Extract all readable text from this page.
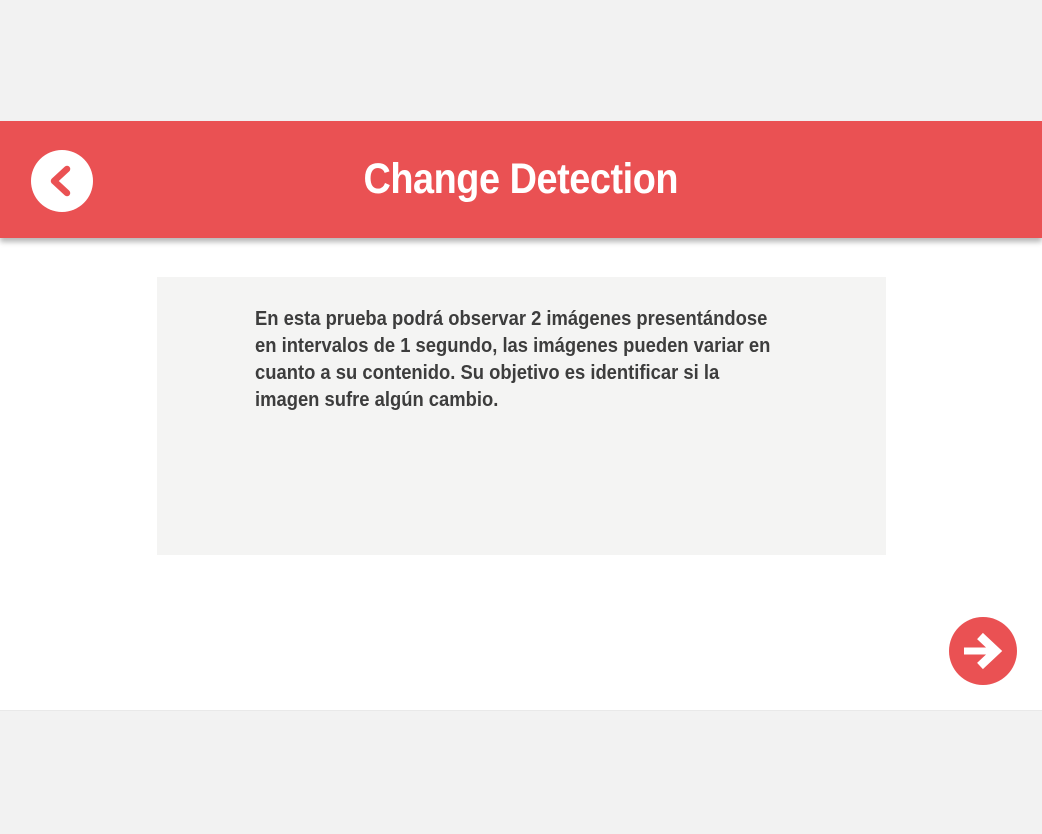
Change Detection
En esta prueba podrá observar 2 imágenes presentándose
en intervalos de 1 segundo, las imágenes pueden variar en
cuanto a su contenido. Su objetivo es identificar si la
imagen sufre algún cambio.
